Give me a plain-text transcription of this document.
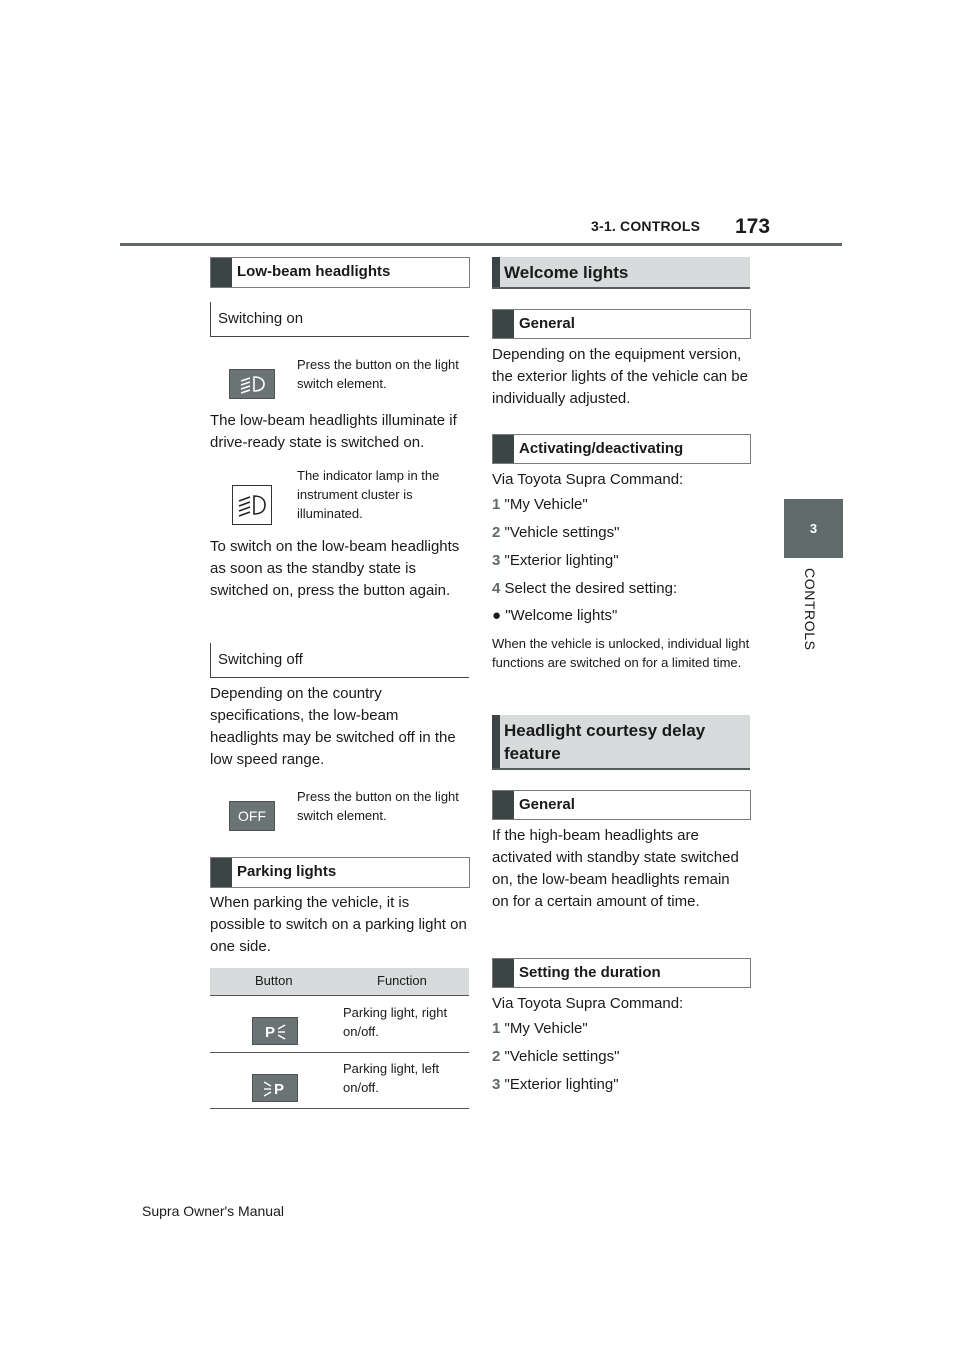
3-1. CONTROLS 173
3
CONTROLS
Low-beam headlights
Switching on
Press the button on the light switch element.
The low-beam headlights illuminate if drive-ready state is switched on.
The indicator lamp in the instrument cluster is illuminated.
To switch on the low-beam headlights as soon as the standby state is switched on, press the button again.
Switching off
Depending on the country specifications, the low-beam headlights may be switched off in the low speed range.
OFF
Press the button on the light switch element.
Parking lights
When parking the vehicle, it is possible to switch on a parking light on one side.
Button	Function
P
Parking light, right on/off.
P
Parking light, left on/off.
Welcome lights
General
Depending on the equipment version, the exterior lights of the vehicle can be individually adjusted.
Activating/deactivating
Via Toyota Supra Command:
1 "My Vehicle"
2 "Vehicle settings"
3 "Exterior lighting"
4 Select the desired setting:
● "Welcome lights"
When the vehicle is unlocked, individual light functions are switched on for a limited time.
Headlight courtesy delay
feature
General
If the high-beam headlights are activated with standby state switched on, the low-beam headlights remain on for a certain amount of time.
Setting the duration
Via Toyota Supra Command:
1 "My Vehicle"
2 "Vehicle settings"
3 "Exterior lighting"
Supra Owner's Manual
